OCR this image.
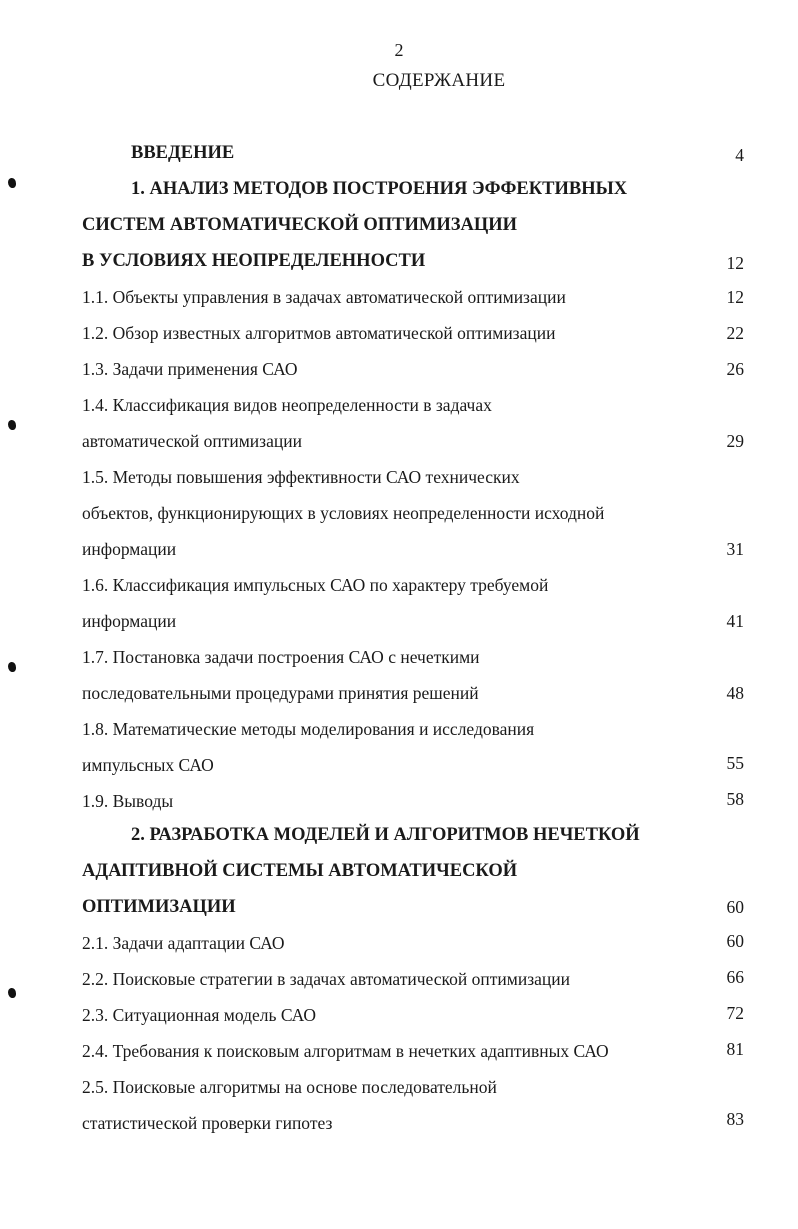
2
СОДЕРЖАНИЕ
ВВЕДЕНИЕ	4
1. АНАЛИЗ МЕТОДОВ ПОСТРОЕНИЯ ЭФФЕКТИВНЫХ
СИСТЕМ АВТОМАТИЧЕСКОЙ ОПТИМИЗАЦИИ
В УСЛОВИЯХ НЕОПРЕДЕЛЕННОСТИ	12
1.1. Объекты управления в задачах автоматической оптимизации	12
1.2. Обзор известных алгоритмов автоматической оптимизации	22
1.3. Задачи применения САО	26
1.4. Классификация видов неопределенности в задачах
автоматической оптимизации	29
1.5. Методы повышения эффективности САО технических
объектов, функционирующих в условиях неопределенности исходной
информации	31
1.6. Классификация импульсных САО по характеру требуемой
информации	41
1.7. Постановка задачи построения САО с нечеткими
последовательными процедурами принятия решений	48
1.8. Математические методы моделирования и исследования
импульсных САО	55
1.9. Выводы	58
2. РАЗРАБОТКА МОДЕЛЕЙ И АЛГОРИТМОВ НЕЧЕТКОЙ
АДАПТИВНОЙ СИСТЕМЫ АВТОМАТИЧЕСКОЙ
ОПТИМИЗАЦИИ	60
2.1. Задачи адаптации САО	60
2.2. Поисковые стратегии в задачах автоматической оптимизации	66
2.3. Ситуационная модель САО	72
2.4. Требования к поисковым алгоритмам в нечетких адаптивных САО	81
2.5. Поисковые алгоритмы на основе последовательной
статистической проверки гипотез	83
